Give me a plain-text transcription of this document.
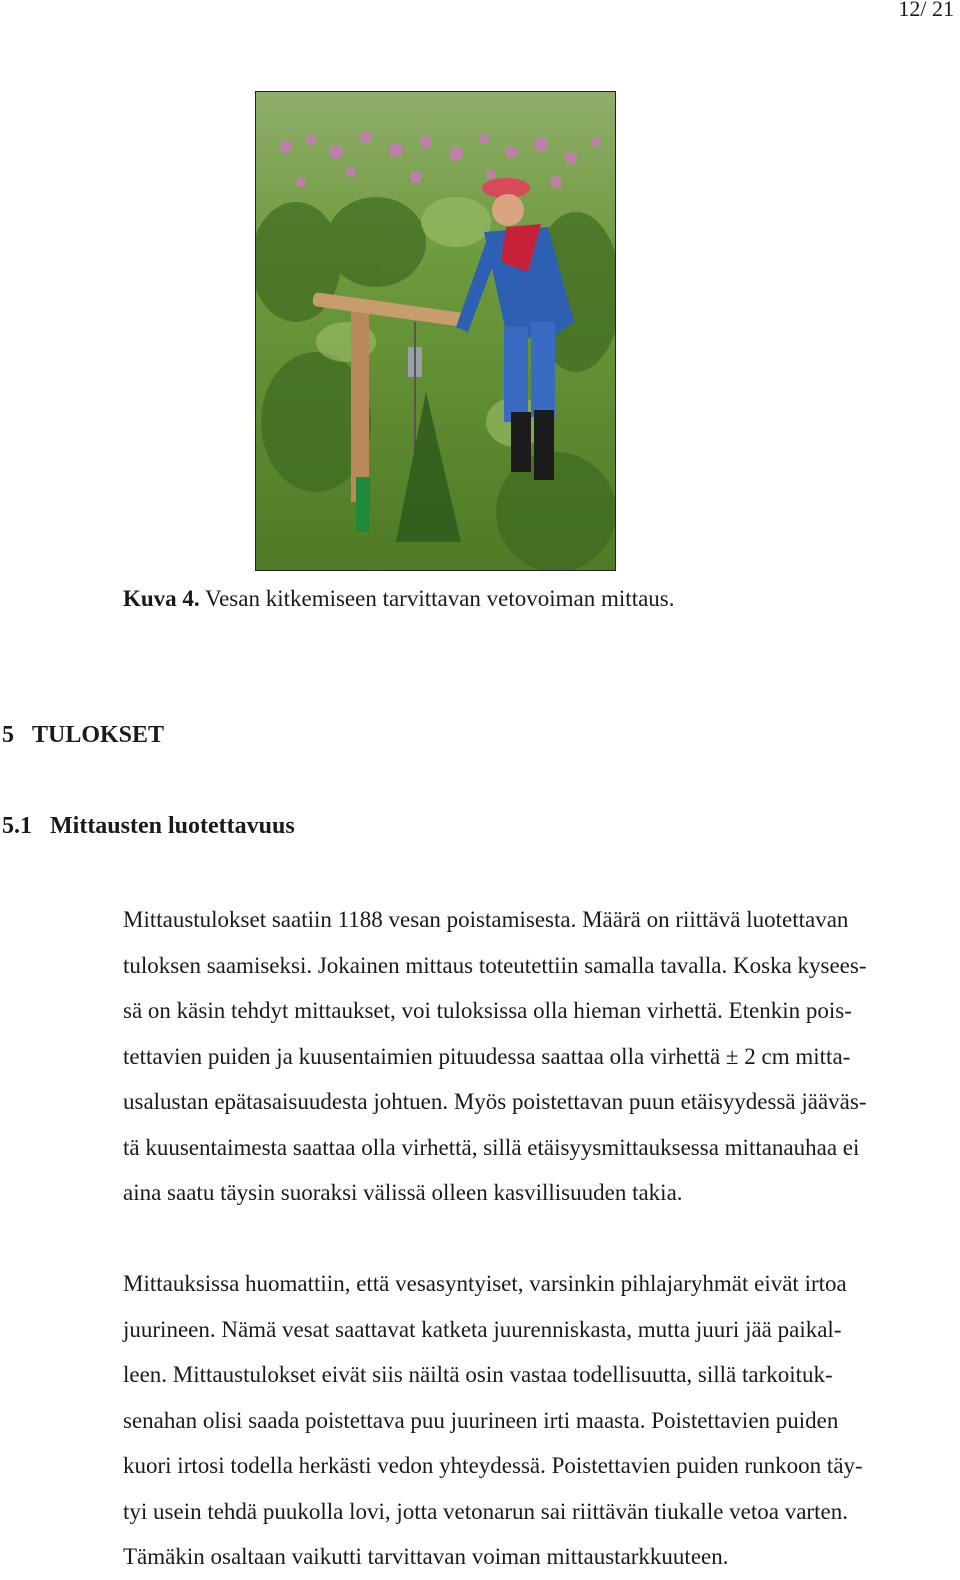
12/ 21

Kuva 4. Vesan kitkemiseen tarvittavan vetovoiman mittaus.

5 TULOKSET
5.1 Mittausten luotettavuus

Mittaustulokset saatiin 1188 vesan poistamisesta. Määrä on riittävä luotettavan
tuloksen saamiseksi. Jokainen mittaus toteutettiin samalla tavalla. Koska kysees-
sä on käsin tehdyt mittaukset, voi tuloksissa olla hieman virhettä. Etenkin pois-
tettavien puiden ja kuusentaimien pituudessa saattaa olla virhettä ± 2 cm mitta-
usalustan epätasaisuudesta johtuen. Myös poistettavan puun etäisyydessä jääväs-
tä kuusentaimesta saattaa olla virhettä, sillä etäisyysmittauksessa mittanauhaa ei
aina saatu täysin suoraksi välissä olleen kasvillisuuden takia.

Mittauksissa huomattiin, että vesasyntyiset, varsinkin pihlajaryhmät eivät irtoa
juurineen. Nämä vesat saattavat katketa juurenniskasta, mutta juuri jää paikal-
leen. Mittaustulokset eivät siis näiltä osin vastaa todellisuutta, sillä tarkoituk-
senahan olisi saada poistettava puu juurineen irti maasta. Poistettavien puiden
kuori irtosi todella herkästi vedon yhteydessä. Poistettavien puiden runkoon täy-
tyi usein tehdä puukolla lovi, jotta vetonarun sai riittävän tiukalle vetoa varten.
Tämäkin osaltaan vaikutti tarvittavan voiman mittaustarkkuuteen.
